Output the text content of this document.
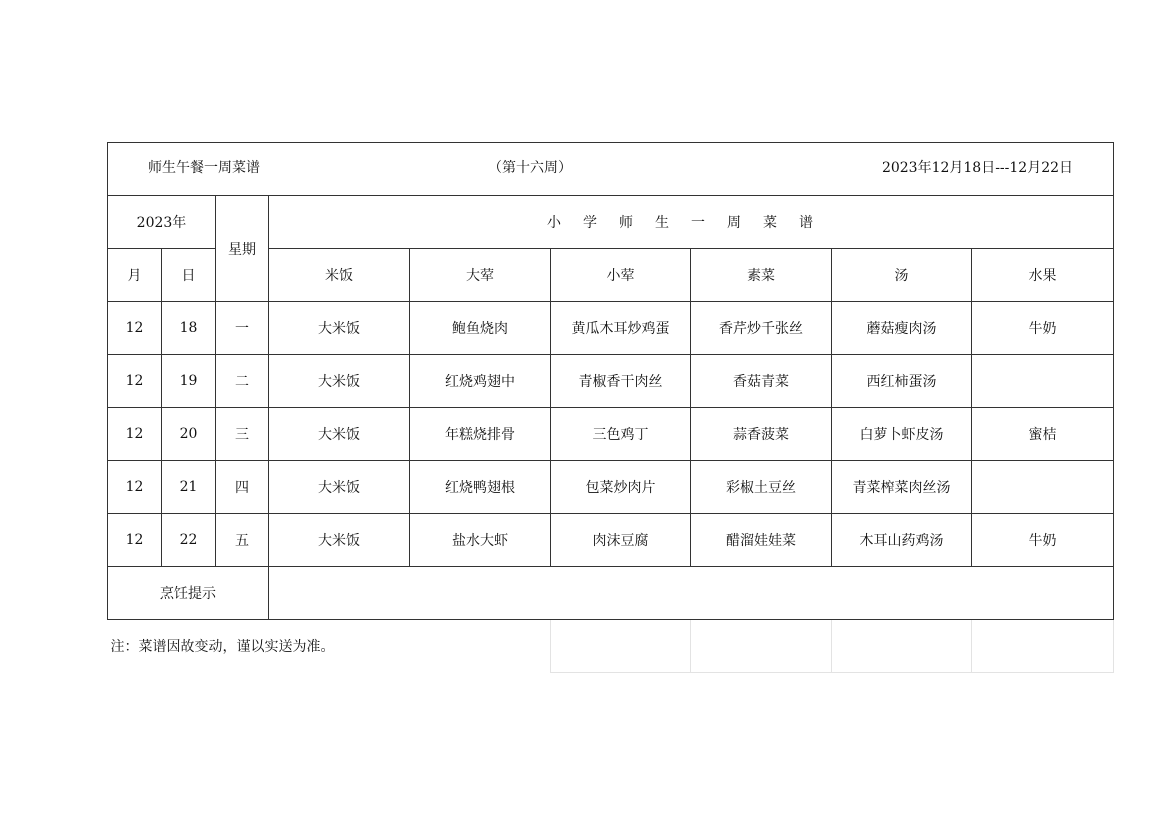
师生午餐一周菜谱 （第十六周） 2023年12月18日---12月22日								

2023年		星期	小学师生一周菜谱					
月	日		米饭	大荤	小荤	素菜	汤	水果
12	18	一	大米饭	鲍鱼烧肉	黄瓜木耳炒鸡蛋	香芹炒千张丝	蘑菇瘦肉汤	牛奶
12	19	二	大米饭	红烧鸡翅中	青椒香干肉丝	香菇青菜	西红柿蛋汤	
12	20	三	大米饭	年糕烧排骨	三色鸡丁	蒜香菠菜	白萝卜虾皮汤	蜜桔
12	21	四	大米饭	红烧鸭翅根	包菜炒肉片	彩椒土豆丝	青菜榨菜肉丝汤	
12	22	五	大米饭	盐水大虾	肉沫豆腐	醋溜娃娃菜	木耳山药鸡汤	牛奶
烹饪提示								
注：菜谱因故变动，谨以实送为准。								
